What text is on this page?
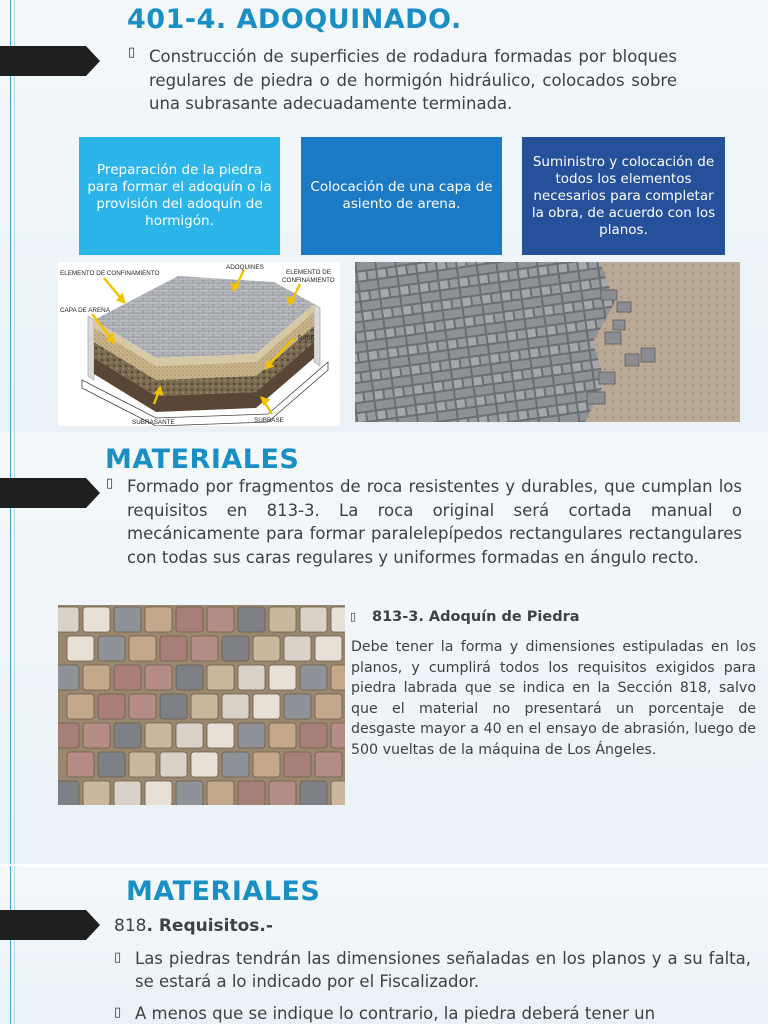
401-4. ADOQUINADO.
▯ Construcción de superficies de rodadura formadas por bloques regulares de piedra o de hormigón hidráulico, colocados sobre una subrasante adecuadamente terminada.

Preparación de la piedra para formar el adoquín o la provisión del adoquín de hormigón.
Colocación de una capa de asiento de arena.
Suministro y colocación de todos los elementos necesarios para completar la obra, de acuerdo con los planos.
ELEMENTO DE CONFINAMIENTO
ADOQUINES
ELEMENTO DE
CONFINAMIENTO
CAPA DE ARENA
BASE
SUBRASANTE	SUBBASE
MATERIALES
▯ Formado por fragmentos de roca resistentes y durables, que cumplan los requisitos en 813-3. La roca original será cortada manual o mecánicamente para formar paralelepípedos rectangulares rectangulares con todas sus caras regulares y uniformes formadas en ángulo recto.

▯ 813-3. Adoquín de Piedra

Debe tener la forma y dimensiones estipuladas en los planos, y cumplirá todos los requisitos exigidos para piedra labrada que se indica en la Sección 818, salvo que el material no presentará un porcentaje de desgaste mayor a 40 en el ensayo de abrasión, luego de 500 vueltas de la máquina de Los Ángeles.

MATERIALES

818. Requisitos.-

▯ Las piedras tendrán las dimensiones señaladas en los planos y a su falta, se estará a lo indicado por el Fiscalizador.

▯ A menos que se indique lo contrario, la piedra deberá tener un
